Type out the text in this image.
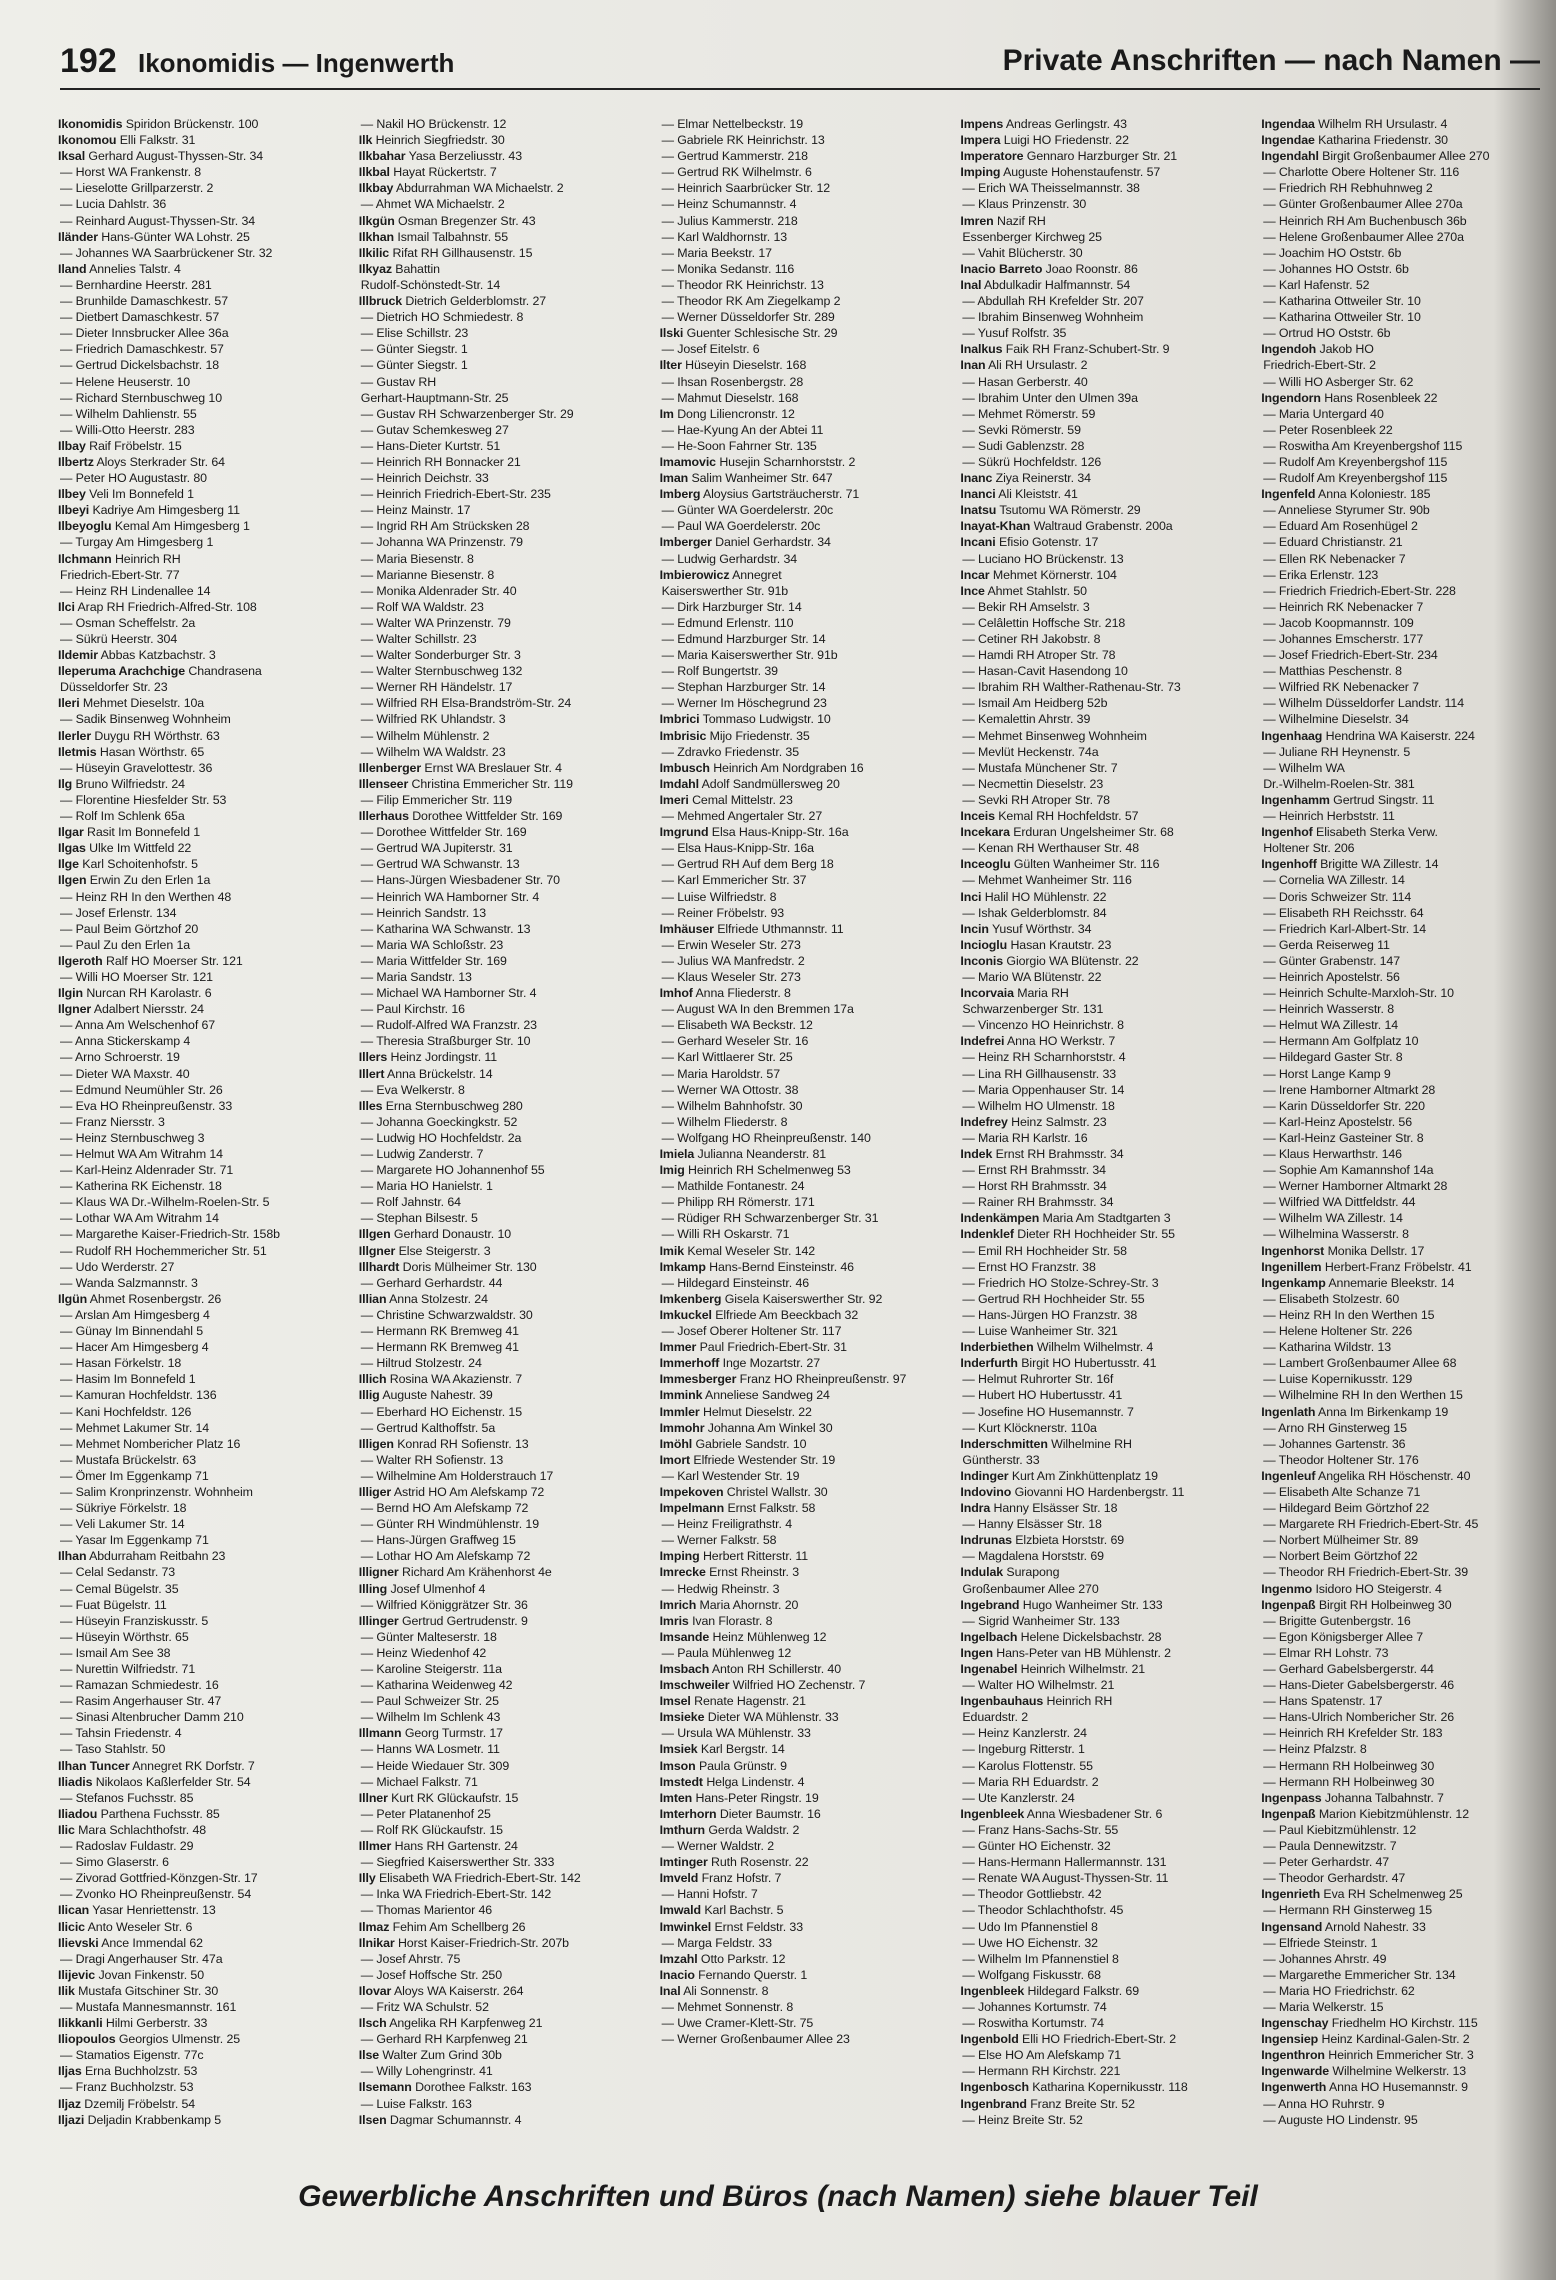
192 Ikonomidis — Ingenwerth	Private Anschriften — nach Namen —
Ikonomidis Spiridon Brückenstr. 100
Ikonomou Elli Falkstr. 31
Iksal Gerhard August-Thyssen-Str. 34
— Horst WA Frankenstr. 8
— Lieselotte Grillparzerstr. 2
— Lucia Dahlstr. 36
— Reinhard August-Thyssen-Str. 34
Iländer Hans-Günter WA Lohstr. 25
— Johannes WA Saarbrückener Str. 32
Iland Annelies Talstr. 4
— Bernhardine Heerstr. 281
— Brunhilde Damaschkestr. 57
— Dietbert Damaschkestr. 57
— Dieter Innsbrucker Allee 36a
— Friedrich Damaschkestr. 57
— Gertrud Dickelsbachstr. 18
— Helene Heuserstr. 10
— Richard Sternbuschweg 10
— Wilhelm Dahlienstr. 55
— Willi-Otto Heerstr. 283
Ilbay Raif Fröbelstr. 15
Ilbertz Aloys Sterkrader Str. 64
— Peter HO Augustastr. 80
Ilbey Veli Im Bonnefeld 1
Ilbeyi Kadriye Am Himgesberg 11
Ilbeyoglu Kemal Am Himgesberg 1
— Turgay Am Himgesberg 1
Ilchmann Heinrich RH
Friedrich-Ebert-Str. 77
— Heinz RH Lindenallee 14
Ilci Arap RH Friedrich-Alfred-Str. 108
— Osman Scheffelstr. 2a
— Sükrü Heerstr. 304
Ildemir Abbas Katzbachstr. 3
Ileperuma Arachchige Chandrasena
Düsseldorfer Str. 23
Ileri Mehmet Dieselstr. 10a
— Sadik Binsenweg Wohnheim
Ilerler Duygu RH Wörthstr. 63
Iletmis Hasan Wörthstr. 65
— Hüseyin Gravelottestr. 36
Ilg Bruno Wilfriedstr. 24
— Florentine Hiesfelder Str. 53
— Rolf Im Schlenk 65a
Ilgar Rasit Im Bonnefeld 1
Ilgas Ulke Im Wittfeld 22
Ilge Karl Schoitenhofstr. 5
Ilgen Erwin Zu den Erlen 1a
— Heinz RH In den Werthen 48
— Josef Erlenstr. 134
— Paul Beim Görtzhof 20
— Paul Zu den Erlen 1a
Ilgeroth Ralf HO Moerser Str. 121
— Willi HO Moerser Str. 121
Ilgin Nurcan RH Karolastr. 6
Ilgner Adalbert Niersstr. 24
— Anna Am Welschenhof 67
— Anna Stickerskamp 4
— Arno Schroerstr. 19
— Dieter WA Maxstr. 40
— Edmund Neumühler Str. 26
— Eva HO Rheinpreußenstr. 33
— Franz Niersstr. 3
— Heinz Sternbuschweg 3
— Helmut WA Am Witrahm 14
— Karl-Heinz Aldenrader Str. 71
— Katherina RK Eichenstr. 18
— Klaus WA Dr.-Wilhelm-Roelen-Str. 5
— Lothar WA Am Witrahm 14
— Margarethe Kaiser-Friedrich-Str. 158b
— Rudolf RH Hochemmericher Str. 51
— Udo Werderstr. 27
— Wanda Salzmannstr. 3
Ilgün Ahmet Rosenbergstr. 26
— Arslan Am Himgesberg 4
— Günay Im Binnendahl 5
— Hacer Am Himgesberg 4
— Hasan Förkelstr. 18
— Hasim Im Bonnefeld 1
— Kamuran Hochfeldstr. 136
— Kani Hochfeldstr. 126
— Mehmet Lakumer Str. 14
— Mehmet Nombericher Platz 16
— Mustafa Brückelstr. 63
— Ömer Im Eggenkamp 71
— Salim Kronprinzenstr. Wohnheim
— Sükriye Förkelstr. 18
— Veli Lakumer Str. 14
— Yasar Im Eggenkamp 71
Ilhan Abdurraham Reitbahn 23
— Celal Sedanstr. 73
— Cemal Bügelstr. 35
— Fuat Bügelstr. 11
— Hüseyin Franziskusstr. 5
— Hüseyin Wörthstr. 65
— Ismail Am See 38
— Nurettin Wilfriedstr. 71
— Ramazan Schmiedestr. 16
— Rasim Angerhauser Str. 47
— Sinasi Altenbrucher Damm 210
— Tahsin Friedenstr. 4
— Taso Stahlstr. 50
Ilhan Tuncer Annegret RK Dorfstr. 7
Iliadis Nikolaos Kaßlerfelder Str. 54
— Stefanos Fuchsstr. 85
Iliadou Parthena Fuchsstr. 85
Ilic Mara Schlachthofstr. 48
— Radoslav Fuldastr. 29
— Simo Glaserstr. 6
— Zivorad Gottfried-Könzgen-Str. 17
— Zvonko HO Rheinpreußenstr. 54
Ilican Yasar Henriettenstr. 13
Ilicic Anto Weseler Str. 6
Ilievski Ance Immendal 62
— Dragi Angerhauser Str. 47a
Ilijevic Jovan Finkenstr. 50
Ilik Mustafa Gitschiner Str. 30
— Mustafa Mannesmannstr. 161
Ilikkanli Hilmi Gerberstr. 33
Iliopoulos Georgios Ulmenstr. 25
— Stamatios Eigenstr. 77c
Iljas Erna Buchholzstr. 53
— Franz Buchholzstr. 53
Iljaz Dzemilj Fröbelstr. 54
Iljazi Deljadin Krabbenkamp 5
— Nakil HO Brückenstr. 12
Ilk Heinrich Siegfriedstr. 30
Ilkbahar Yasa Berzeliusstr. 43
Ilkbal Hayat Rückertstr. 7
Ilkbay Abdurrahman WA Michaelstr. 2
— Ahmet WA Michaelstr. 2
Ilkgün Osman Bregenzer Str. 43
Ilkhan Ismail Talbahnstr. 55
Ilkilic Rifat RH Gillhausenstr. 15
Ilkyaz Bahattin
Rudolf-Schönstedt-Str. 14
Illbruck Dietrich Gelderblomstr. 27
— Dietrich HO Schmiedestr. 8
— Elise Schillstr. 23
— Günter Siegstr. 1
— Günter Siegstr. 1
— Gustav RH
Gerhart-Hauptmann-Str. 25
— Gustav RH Schwarzenberger Str. 29
— Gutav Schemkesweg 27
— Hans-Dieter Kurtstr. 51
— Heinrich RH Bonnacker 21
— Heinrich Deichstr. 33
— Heinrich Friedrich-Ebert-Str. 235
— Heinz Mainstr. 17
— Ingrid RH Am Strücksken 28
— Johanna WA Prinzenstr. 79
— Maria Biesenstr. 8
— Marianne Biesenstr. 8
— Monika Aldenrader Str. 40
— Rolf WA Waldstr. 23
— Walter WA Prinzenstr. 79
— Walter Schillstr. 23
— Walter Sonderburger Str. 3
— Walter Sternbuschweg 132
— Werner RH Händelstr. 17
— Wilfried RH Elsa-Brandström-Str. 24
— Wilfried RK Uhlandstr. 3
— Wilhelm Mühlenstr. 2
— Wilhelm WA Waldstr. 23
Illenberger Ernst WA Breslauer Str. 4
Illenseer Christina Emmericher Str. 119
— Filip Emmericher Str. 119
Illerhaus Dorothee Wittfelder Str. 169
— Dorothee Wittfelder Str. 169
— Gertrud WA Jupiterstr. 31
— Gertrud WA Schwanstr. 13
— Hans-Jürgen Wiesbadener Str. 70
— Heinrich WA Hamborner Str. 4
— Heinrich Sandstr. 13
— Katharina WA Schwanstr. 13
— Maria WA Schloßstr. 23
— Maria Wittfelder Str. 169
— Maria Sandstr. 13
— Michael WA Hamborner Str. 4
— Paul Kirchstr. 16
— Rudolf-Alfred WA Franzstr. 23
— Theresia Straßburger Str. 10
Illers Heinz Jordingstr. 11
Illert Anna Brückelstr. 14
— Eva Welkerstr. 8
Illes Erna Sternbuschweg 280
— Johanna Goeckingkstr. 52
— Ludwig HO Hochfeldstr. 2a
— Ludwig Zanderstr. 7
— Margarete HO Johannenhof 55
— Maria HO Hanielstr. 1
— Rolf Jahnstr. 64
— Stephan Bilsestr. 5
Illgen Gerhard Donaustr. 10
Illgner Else Steigerstr. 3
Illhardt Doris Mülheimer Str. 130
— Gerhard Gerhardstr. 44
Illian Anna Stolzestr. 24
— Christine Schwarzwaldstr. 30
— Hermann RK Bremweg 41
— Hermann RK Bremweg 41
— Hiltrud Stolzestr. 24
Illich Rosina WA Akazienstr. 7
Illig Auguste Nahestr. 39
— Eberhard HO Eichenstr. 15
— Gertrud Kalthoffstr. 5a
Illigen Konrad RH Sofienstr. 13
— Walter RH Sofienstr. 13
— Wilhelmine Am Holderstrauch 17
Illiger Astrid HO Am Alefskamp 72
— Bernd HO Am Alefskamp 72
— Günter RH Windmühlenstr. 19
— Hans-Jürgen Graffweg 15
— Lothar HO Am Alefskamp 72
Illigner Richard Am Krähenhorst 4e
Illing Josef Ulmenhof 4
— Wilfried Königgrätzer Str. 36
Illinger Gertrud Gertrudenstr. 9
— Günter Malteserstr. 18
— Heinz Wiedenhof 42
— Karoline Steigerstr. 11a
— Katharina Weidenweg 42
— Paul Schweizer Str. 25
— Wilhelm Im Schlenk 43
Illmann Georg Turmstr. 17
— Hanns WA Losmetr. 11
— Heide Wiedauer Str. 309
— Michael Falkstr. 71
Illner Kurt RK Glückaufstr. 15
— Peter Platanenhof 25
— Rolf RK Glückaufstr. 15
Illmer Hans RH Gartenstr. 24
— Siegfried Kaiserswerther Str. 333
Illy Elisabeth WA Friedrich-Ebert-Str. 142
— Inka WA Friedrich-Ebert-Str. 142
— Thomas Marientor 46
Ilmaz Fehim Am Schellberg 26
Ilnikar Horst Kaiser-Friedrich-Str. 207b
— Josef Ahrstr. 75
— Josef Hoffsche Str. 250
Ilovar Aloys WA Kaiserstr. 264
— Fritz WA Schulstr. 52
Ilsch Angelika RH Karpfenweg 21
— Gerhard RH Karpfenweg 21
Ilse Walter Zum Grind 30b
— Willy Lohengrinstr. 41
Ilsemann Dorothee Falkstr. 163
— Luise Falkstr. 163
Ilsen Dagmar Schumannstr. 4
— Elmar Nettelbeckstr. 19
— Gabriele RK Heinrichstr. 13
— Gertrud Kammerstr. 218
— Gertrud RK Wilhelmstr. 6
— Heinrich Saarbrücker Str. 12
— Heinz Schumannstr. 4
— Julius Kammerstr. 218
— Karl Waldhornstr. 13
— Maria Beekstr. 17
— Monika Sedanstr. 116
— Theodor RK Heinrichstr. 13
— Theodor RK Am Ziegelkamp 2
— Werner Düsseldorfer Str. 289
Ilski Guenter Schlesische Str. 29
— Josef Eitelstr. 6
Ilter Hüseyin Dieselstr. 168
— Ihsan Rosenbergstr. 28
— Mahmut Dieselstr. 168
Im Dong Liliencronstr. 12
— Hae-Kyung An der Abtei 11
— He-Soon Fahrner Str. 135
Imamovic Husejin Scharnhorststr. 2
Iman Salim Wanheimer Str. 647
Imberg Aloysius Gartsträucherstr. 71
— Günter WA Goerdelerstr. 20c
— Paul WA Goerdelerstr. 20c
Imberger Daniel Gerhardstr. 34
— Ludwig Gerhardstr. 34
Imbierowicz Annegret
Kaiserswerther Str. 91b
— Dirk Harzburger Str. 14
— Edmund Erlenstr. 110
— Edmund Harzburger Str. 14
— Maria Kaiserswerther Str. 91b
— Rolf Bungertstr. 39
— Stephan Harzburger Str. 14
— Werner Im Höschegrund 23
Imbrici Tommaso Ludwigstr. 10
Imbrisic Mijo Friedenstr. 35
— Zdravko Friedenstr. 35
Imbusch Heinrich Am Nordgraben 16
Imdahl Adolf Sandmüllersweg 20
Imeri Cemal Mittelstr. 23
— Mehmed Angertaler Str. 27
Imgrund Elsa Haus-Knipp-Str. 16a
— Elsa Haus-Knipp-Str. 16a
— Gertrud RH Auf dem Berg 18
— Karl Emmericher Str. 37
— Luise Wilfriedstr. 8
— Reiner Fröbelstr. 93
Imhäuser Elfriede Uthmannstr. 11
— Erwin Weseler Str. 273
— Julius WA Manfredstr. 2
— Klaus Weseler Str. 273
Imhof Anna Fliederstr. 8
— August WA In den Bremmen 17a
— Elisabeth WA Beckstr. 12
— Gerhard Weseler Str. 16
— Karl Wittlaerer Str. 25
— Maria Haroldstr. 57
— Werner WA Ottostr. 38
— Wilhelm Bahnhofstr. 30
— Wilhelm Fliederstr. 8
— Wolfgang HO Rheinpreußenstr. 140
Imiela Julianna Neanderstr. 81
Imig Heinrich RH Schelmenweg 53
— Mathilde Fontanestr. 24
— Philipp RH Römerstr. 171
— Rüdiger RH Schwarzenberger Str. 31
— Willi RH Oskarstr. 71
Imik Kemal Weseler Str. 142
Imkamp Hans-Bernd Einsteinstr. 46
— Hildegard Einsteinstr. 46
Imkenberg Gisela Kaiserswerther Str. 92
Imkuckel Elfriede Am Beeckbach 32
— Josef Oberer Holtener Str. 117
Immer Paul Friedrich-Ebert-Str. 31
Immerhoff Inge Mozartstr. 27
Immesberger Franz HO Rheinpreußenstr. 97
Immink Anneliese Sandweg 24
Immler Helmut Dieselstr. 22
Immohr Johanna Am Winkel 30
Imöhl Gabriele Sandstr. 10
Imort Elfriede Westender Str. 19
— Karl Westender Str. 19
Impekoven Christel Wallstr. 30
Impelmann Ernst Falkstr. 58
— Heinz Freiligrathstr. 4
— Werner Falkstr. 58
Imping Herbert Ritterstr. 11
Imrecke Ernst Rheinstr. 3
— Hedwig Rheinstr. 3
Imrich Maria Ahornstr. 20
Imris Ivan Florastr. 8
Imsande Heinz Mühlenweg 12
— Paula Mühlenweg 12
Imsbach Anton RH Schillerstr. 40
Imschweiler Wilfried HO Zechenstr. 7
Imsel Renate Hagenstr. 21
Imsieke Dieter WA Mühlenstr. 33
— Ursula WA Mühlenstr. 33
Imsiek Karl Bergstr. 14
Imson Paula Grünstr. 9
Imstedt Helga Lindenstr. 4
Imten Hans-Peter Ringstr. 19
Imterhorn Dieter Baumstr. 16
Imthurn Gerda Waldstr. 2
— Werner Waldstr. 2
Imtinger Ruth Rosenstr. 22
Imveld Franz Hofstr. 7
— Hanni Hofstr. 7
Imwald Karl Bachstr. 5
Imwinkel Ernst Feldstr. 33
— Marga Feldstr. 33
Imzahl Otto Parkstr. 12
Inacio Fernando Querstr. 1
Inal Ali Sonnenstr. 8
— Mehmet Sonnenstr. 8
— Uwe Cramer-Klett-Str. 75
— Werner Großenbaumer Allee 23
Impens Andreas Gerlingstr. 43
Impera Luigi HO Friedenstr. 22
Imperatore Gennaro Harzburger Str. 21
Imping Auguste Hohenstaufenstr. 57
— Erich WA Theisselmannstr. 38
— Klaus Prinzenstr. 30
Imren Nazif RH
Essenberger Kirchweg 25
— Vahit Blücherstr. 30
Inacio Barreto Joao Roonstr. 86
Inal Abdulkadir Halfmannstr. 54
— Abdullah RH Krefelder Str. 207
— Ibrahim Binsenweg Wohnheim
— Yusuf Rolfstr. 35
Inalkus Faik RH Franz-Schubert-Str. 9
Inan Ali RH Ursulastr. 2
— Hasan Gerberstr. 40
— Ibrahim Unter den Ulmen 39a
— Mehmet Römerstr. 59
— Sevki Römerstr. 59
— Sudi Gablenzstr. 28
— Sükrü Hochfeldstr. 126
Inanc Ziya Reinerstr. 34
Inanci Ali Kleiststr. 41
Inatsu Tsutomu WA Römerstr. 29
Inayat-Khan Waltraud Grabenstr. 200a
Incani Efisio Gotenstr. 17
— Luciano HO Brückenstr. 13
Incar Mehmet Körnerstr. 104
Ince Ahmet Stahlstr. 50
— Bekir RH Amselstr. 3
— Celâlettin Hoffsche Str. 218
— Cetiner RH Jakobstr. 8
— Hamdi RH Atroper Str. 78
— Hasan-Cavit Hasendong 10
— Ibrahim RH Walther-Rathenau-Str. 73
— Ismail Am Heidberg 52b
— Kemalettin Ahrstr. 39
— Mehmet Binsenweg Wohnheim
— Mevlüt Heckenstr. 74a
— Mustafa Münchener Str. 7
— Necmettin Dieselstr. 23
— Sevki RH Atroper Str. 78
Inceis Kemal RH Hochfeldstr. 57
Incekara Erduran Ungelsheimer Str. 68
— Kenan RH Werthauser Str. 48
Inceoglu Gülten Wanheimer Str. 116
— Mehmet Wanheimer Str. 116
Inci Halil HO Mühlenstr. 22
— Ishak Gelderblomstr. 84
Incin Yusuf Wörthstr. 34
Incioglu Hasan Krautstr. 23
Inconis Giorgio WA Blütenstr. 22
— Mario WA Blütenstr. 22
Incorvaia Maria RH
Schwarzenberger Str. 131
— Vincenzo HO Heinrichstr. 8
Indefrei Anna HO Werkstr. 7
— Heinz RH Scharnhorststr. 4
— Lina RH Gillhausenstr. 33
— Maria Oppenhauser Str. 14
— Wilhelm HO Ulmenstr. 18
Indefrey Heinz Salmstr. 23
— Maria RH Karlstr. 16
Indek Ernst RH Brahmsstr. 34
— Ernst RH Brahmsstr. 34
— Horst RH Brahmsstr. 34
— Rainer RH Brahmsstr. 34
Indenkämpen Maria Am Stadtgarten 3
Indenklef Dieter RH Hochheider Str. 55
— Emil RH Hochheider Str. 58
— Ernst HO Franzstr. 38
— Friedrich HO Stolze-Schrey-Str. 3
— Gertrud RH Hochheider Str. 55
— Hans-Jürgen HO Franzstr. 38
— Luise Wanheimer Str. 321
Inderbiethen Wilhelm Wilhelmstr. 4
Inderfurth Birgit HO Hubertusstr. 41
— Helmut Ruhrorter Str. 16f
— Hubert HO Hubertusstr. 41
— Josefine HO Husemannstr. 7
— Kurt Klöcknerstr. 110a
Inderschmitten Wilhelmine RH
Güntherstr. 33
Indinger Kurt Am Zinkhüttenplatz 19
Indovino Giovanni HO Hardenbergstr. 11
Indra Hanny Elsässer Str. 18
— Hanny Elsässer Str. 18
Indrunas Elzbieta Horststr. 69
— Magdalena Horststr. 69
Indulak Surapong
Großenbaumer Allee 270
Ingebrand Hugo Wanheimer Str. 133
— Sigrid Wanheimer Str. 133
Ingelbach Helene Dickelsbachstr. 28
Ingen Hans-Peter van HB Mühlenstr. 2
Ingenabel Heinrich Wilhelmstr. 21
— Walter HO Wilhelmstr. 21
Ingenbauhaus Heinrich RH
Eduardstr. 2
— Heinz Kanzlerstr. 24
— Ingeburg Ritterstr. 1
— Karolus Flottenstr. 55
— Maria RH Eduardstr. 2
— Ute Kanzlerstr. 24
Ingenbleek Anna Wiesbadener Str. 6
— Franz Hans-Sachs-Str. 55
— Günter HO Eichenstr. 32
— Hans-Hermann Hallermannstr. 131
— Renate WA August-Thyssen-Str. 11
— Theodor Gottliebstr. 42
— Theodor Schlachthofstr. 45
— Udo Im Pfannenstiel 8
— Uwe HO Eichenstr. 32
— Wilhelm Im Pfannenstiel 8
— Wolfgang Fiskusstr. 68
Ingenbleek Hildegard Falkstr. 69
— Johannes Kortumstr. 74
— Roswitha Kortumstr. 74
Ingenbold Elli HO Friedrich-Ebert-Str. 2
— Else HO Am Alefskamp 71
— Hermann RH Kirchstr. 221
Ingenbosch Katharina Kopernikusstr. 118
Ingenbrand Franz Breite Str. 52
— Heinz Breite Str. 52
Ingendaa Wilhelm RH Ursulastr. 4
Ingendae Katharina Friedenstr. 30
Ingendahl Birgit Großenbaumer Allee 270
— Charlotte Obere Holtener Str. 116
— Friedrich RH Rebhuhnweg 2
— Günter Großenbaumer Allee 270a
— Heinrich RH Am Buchenbusch 36b
— Helene Großenbaumer Allee 270a
— Joachim HO Oststr. 6b
— Johannes HO Oststr. 6b
— Karl Hafenstr. 52
— Katharina Ottweiler Str. 10
— Katharina Ottweiler Str. 10
— Ortrud HO Oststr. 6b
Ingendoh Jakob HO
Friedrich-Ebert-Str. 2
— Willi HO Asberger Str. 62
Ingendorn Hans Rosenbleek 22
— Maria Untergard 40
— Peter Rosenbleek 22
— Roswitha Am Kreyenbergshof 115
— Rudolf Am Kreyenbergshof 115
— Rudolf Am Kreyenbergshof 115
Ingenfeld Anna Koloniestr. 185
— Anneliese Styrumer Str. 90b
— Eduard Am Rosenhügel 2
— Eduard Christianstr. 21
— Ellen RK Nebenacker 7
— Erika Erlenstr. 123
— Friedrich Friedrich-Ebert-Str. 228
— Heinrich RK Nebenacker 7
— Jacob Koopmannstr. 109
— Johannes Emscherstr. 177
— Josef Friedrich-Ebert-Str. 234
— Matthias Peschenstr. 8
— Wilfried RK Nebenacker 7
— Wilhelm Düsseldorfer Landstr. 114
— Wilhelmine Dieselstr. 34
Ingenhaag Hendrina WA Kaiserstr. 224
— Juliane RH Heynenstr. 5
— Wilhelm WA
Dr.-Wilhelm-Roelen-Str. 381
Ingenhamm Gertrud Singstr. 11
— Heinrich Herbststr. 11
Ingenhof Elisabeth Sterka Verw.
Holtener Str. 206
Ingenhoff Brigitte WA Zillestr. 14
— Cornelia WA Zillestr. 14
— Doris Schweizer Str. 114
— Elisabeth RH Reichsstr. 64
— Friedrich Karl-Albert-Str. 14
— Gerda Reiserweg 11
— Günter Grabenstr. 147
— Heinrich Apostelstr. 56
— Heinrich Schulte-Marxloh-Str. 10
— Heinrich Wasserstr. 8
— Helmut WA Zillestr. 14
— Hermann Am Golfplatz 10
— Hildegard Gaster Str. 8
— Horst Lange Kamp 9
— Irene Hamborner Altmarkt 28
— Karin Düsseldorfer Str. 220
— Karl-Heinz Apostelstr. 56
— Karl-Heinz Gasteiner Str. 8
— Klaus Herwarthstr. 146
— Sophie Am Kamannshof 14a
— Werner Hamborner Altmarkt 28
— Wilfried WA Dittfeldstr. 44
— Wilhelm WA Zillestr. 14
— Wilhelmina Wasserstr. 8
Ingenhorst Monika Dellstr. 17
Ingenillem Herbert-Franz Fröbelstr. 41
Ingenkamp Annemarie Bleekstr. 14
— Elisabeth Stolzestr. 60
— Heinz RH In den Werthen 15
— Helene Holtener Str. 226
— Katharina Wildstr. 13
— Lambert Großenbaumer Allee 68
— Luise Kopernikusstr. 129
— Wilhelmine RH In den Werthen 15
Ingenlath Anna Im Birkenkamp 19
— Arno RH Ginsterweg 15
— Johannes Gartenstr. 36
— Theodor Holtener Str. 176
Ingenleuf Angelika RH Höschenstr. 40
— Elisabeth Alte Schanze 71
— Hildegard Beim Görtzhof 22
— Margarete RH Friedrich-Ebert-Str. 45
— Norbert Mülheimer Str. 89
— Norbert Beim Görtzhof 22
— Theodor RH Friedrich-Ebert-Str. 39
Ingenmo Isidoro HO Steigerstr. 4
Ingenpaß Birgit RH Holbeinweg 30
— Brigitte Gutenbergstr. 16
— Egon Königsberger Allee 7
— Elmar RH Lohstr. 73
— Gerhard Gabelsbergerstr. 44
— Hans-Dieter Gabelsbergerstr. 46
— Hans Spatenstr. 17
— Hans-Ulrich Nombericher Str. 26
— Heinrich RH Krefelder Str. 183
— Heinz Pfalzstr. 8
— Hermann RH Holbeinweg 30
— Hermann RH Holbeinweg 30
Ingenpass Johanna Talbahnstr. 7
Ingenpaß Marion Kiebitzmühlenstr. 12
— Paul Kiebitzmühlenstr. 12
— Paula Dennewitzstr. 7
— Peter Gerhardstr. 47
— Theodor Gerhardstr. 47
Ingenrieth Eva RH Schelmenweg 25
— Hermann RH Ginsterweg 15
Ingensand Arnold Nahestr. 33
— Elfriede Steinstr. 1
— Johannes Ahrstr. 49
— Margarethe Emmericher Str. 134
— Maria HO Friedrichstr. 62
— Maria Welkerstr. 15
Ingenschay Friedhelm HO Kirchstr. 115
Ingensiep Heinz Kardinal-Galen-Str. 2
Ingenthron Heinrich Emmericher Str. 3
Ingenwarde Wilhelmine Welkerstr. 13
Ingenwerth Anna HO Husemannstr. 9
— Anna HO Ruhrstr. 9
— Auguste HO Lindenstr. 95
Gewerbliche Anschriften und Büros (nach Namen) siehe blauer Teil
